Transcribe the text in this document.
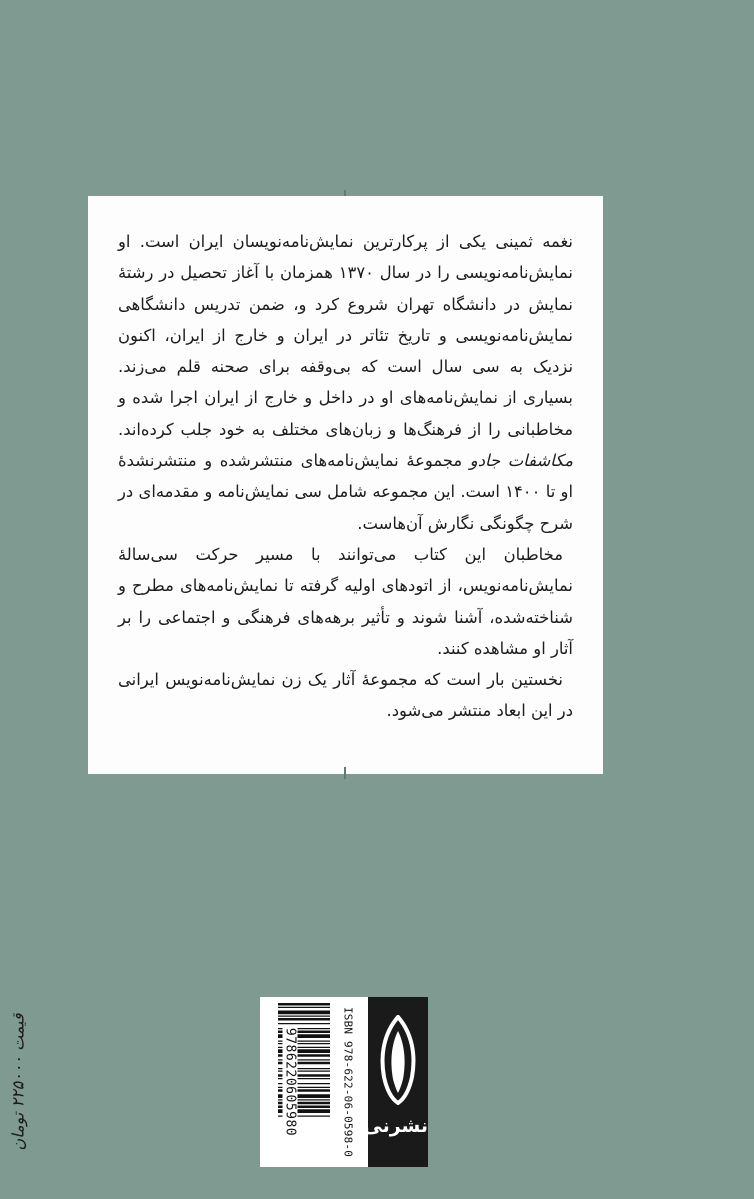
نغمه ثمینی یکی از پرکارترین نمایش‌نامه‌نویسان ایران است. او نمایش‌نامه‌نویسی را در سال ۱۳۷۰ همزمان با آغاز تحصیل در رشتهٔ نمایش در دانشگاه تهران شروع کرد و، ضمن تدریس دانشگاهی نمایش‌نامه‌نویسی و تاریخ تئاتر در ایران و خارج از ایران، اکنون نزدیک به سی سال است که بی‌وقفه برای صحنه قلم می‌زند. بسیاری از نمایش‌نامه‌های او در داخل و خارج از ایران اجرا شده و مخاطبانی را از فرهنگ‌ها و زبان‌های مختلف به خود جلب کرده‌اند. مکاشفات جادو مجموعهٔ نمایش‌نامه‌های منتشرشده و منتشرنشدهٔ او تا ۱۴۰۰ است. این مجموعه شامل سی نمایش‌نامه و مقدمه‌ای در شرح چگونگی نگارش آن‌هاست.

مخاطبان این کتاب می‌توانند با مسیر حرکت سی‌سالهٔ نمایش‌نامه‌نویس، از اتودهای اولیه گرفته تا نمایش‌نامه‌های مطرح و شناخته‌شده، آشنا شوند و تأثیر برهه‌های فرهنگی و اجتماعی را بر آثار او مشاهده کنند.

نخستین بار است که مجموعهٔ آثار یک زن نمایش‌نامه‌نویس ایرانی در این ابعاد منتشر می‌شود.

9786220605980	ISBN 978-622-06-0598-0 نشرنی
قیمت ۲۲۵۰۰۰ تومان
